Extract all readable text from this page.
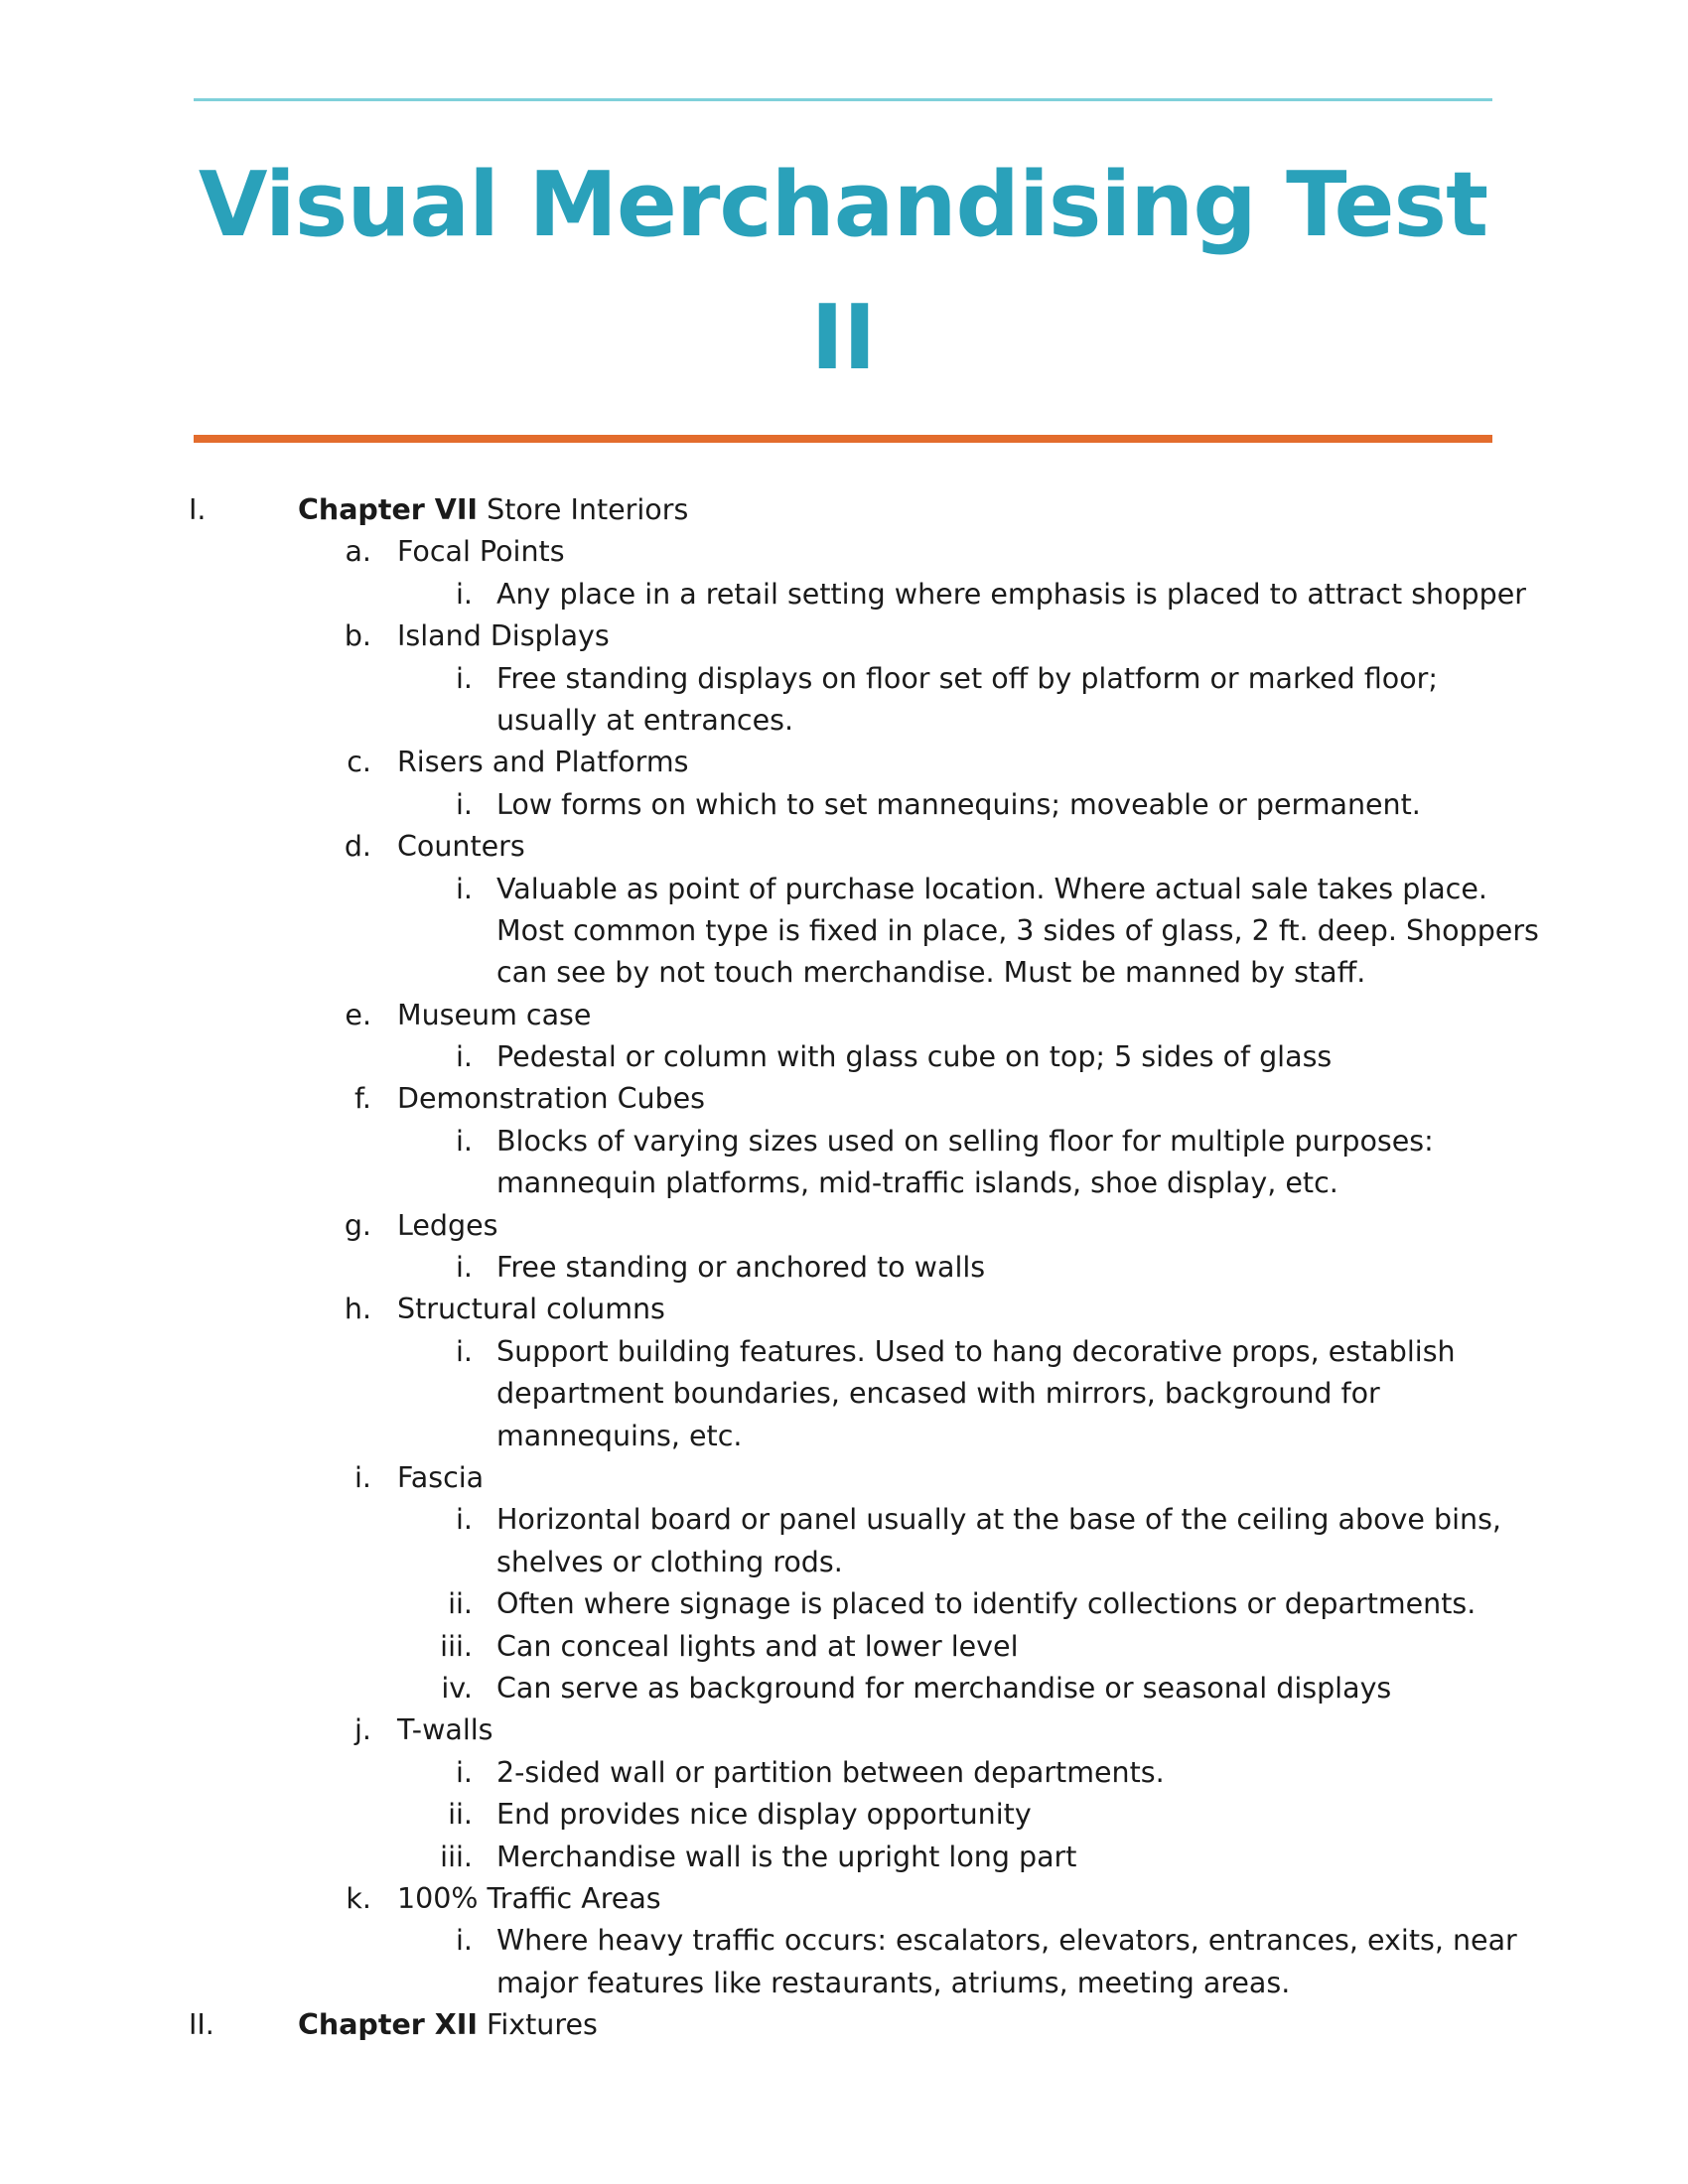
Visual Merchandising Test II
I.	Chapter VII Store Interiors
a. Focal Points
i. Any place in a retail setting where emphasis is placed to attract shopper
b. Island Displays
i. Free standing displays on floor set off by platform or marked floor;
usually at entrances.
c. Risers and Platforms
i. Low forms on which to set mannequins; moveable or permanent.
d. Counters
i. Valuable as point of purchase location. Where actual sale takes place.
Most common type is fixed in place, 3 sides of glass, 2 ft. deep. Shoppers
can see by not touch merchandise. Must be manned by staff.
e. Museum case
i. Pedestal or column with glass cube on top; 5 sides of glass
f. Demonstration Cubes
i. Blocks of varying sizes used on selling floor for multiple purposes:
mannequin platforms, mid-traffic islands, shoe display, etc.
g. Ledges
i. Free standing or anchored to walls
h. Structural columns
i. Support building features. Used to hang decorative props, establish
department boundaries, encased with mirrors, background for
mannequins, etc.
i. Fascia
i. Horizontal board or panel usually at the base of the ceiling above bins,
shelves or clothing rods.
ii. Often where signage is placed to identify collections or departments.
iii. Can conceal lights and at lower level
iv. Can serve as background for merchandise or seasonal displays
j. T-walls
i. 2-sided wall or partition between departments.
ii. End provides nice display opportunity
iii. Merchandise wall is the upright long part
k. 100% Traffic Areas
i. Where heavy traffic occurs: escalators, elevators, entrances, exits, near
major features like restaurants, atriums, meeting areas.
II.	Chapter XII Fixtures
